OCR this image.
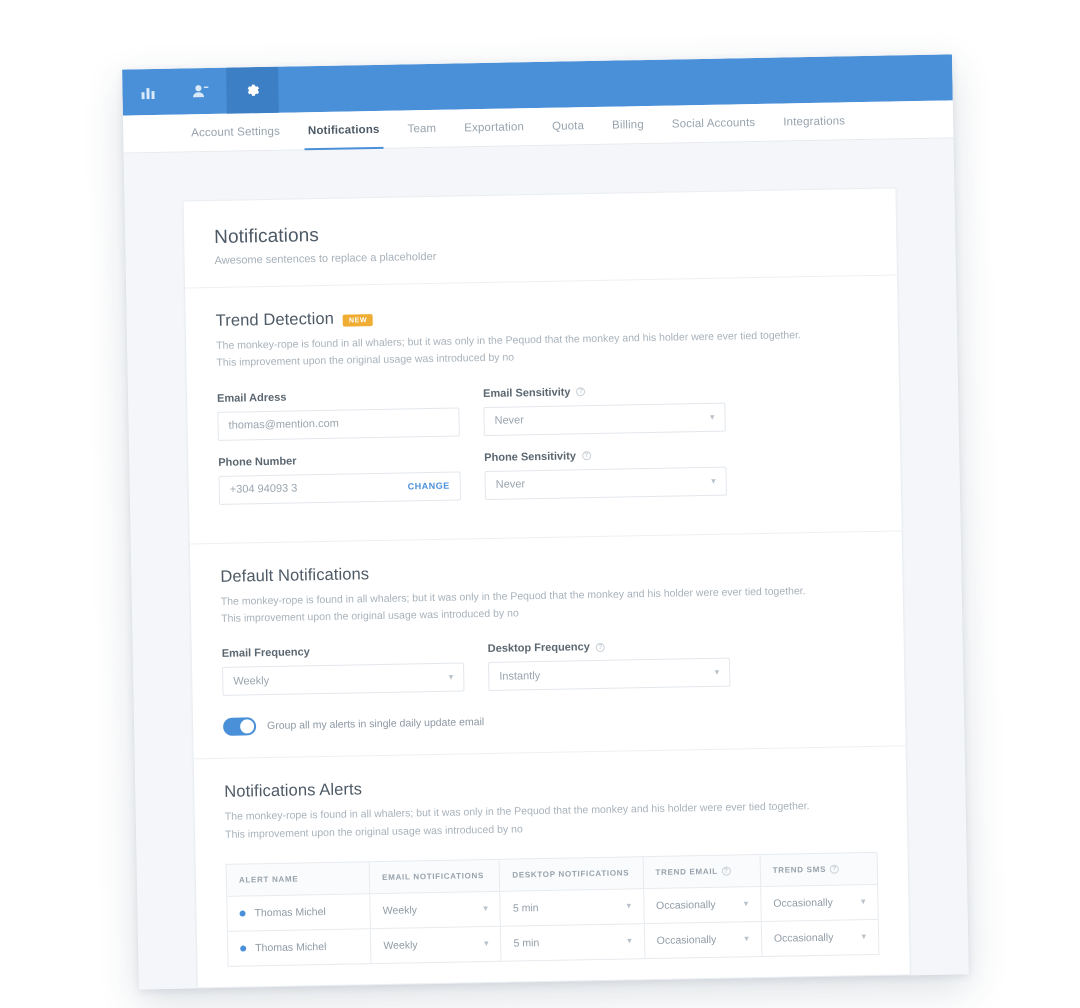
Account Settings	Notifications	Team	Exportation	Quota	Billing	Social Accounts	Integrations
Notifications

Awesome sentences to replace a placeholder

Trend Detection	NEW

The monkey-rope is found in all whalers; but it was only in the Pequod that the monkey and his holder were ever tied together. This improvement upon the original usage was introduced by no

Email Adress
thomas@mention.com
Email Sensitivity	?
Never	▾
Phone Number
+304 94093 3	CHANGE
Phone Sensitivity	?
Never	▾
Default Notifications

The monkey-rope is found in all whalers; but it was only in the Pequod that the monkey and his holder were ever tied together. This improvement upon the original usage was introduced by no

Email Frequency
Weekly	▾
Desktop Frequency	?
Instantly	▾
Group all my alerts in single daily update email
Notifications Alerts

The monkey-rope is found in all whalers; but it was only in the Pequod that the monkey and his holder were ever tied together. This improvement upon the original usage was introduced by no

ALERT NAME	EMAIL NOTIFICATIONS	DESKTOP NOTIFICATIONS	TREND EMAIL ?	TREND SMS ?

Thomas Michel	Weekly ▾	5 min ▾	Occasionally ▾	Occasionally ▾

Thomas Michel	Weekly ▾	5 min ▾	Occasionally ▾	Occasionally ▾
